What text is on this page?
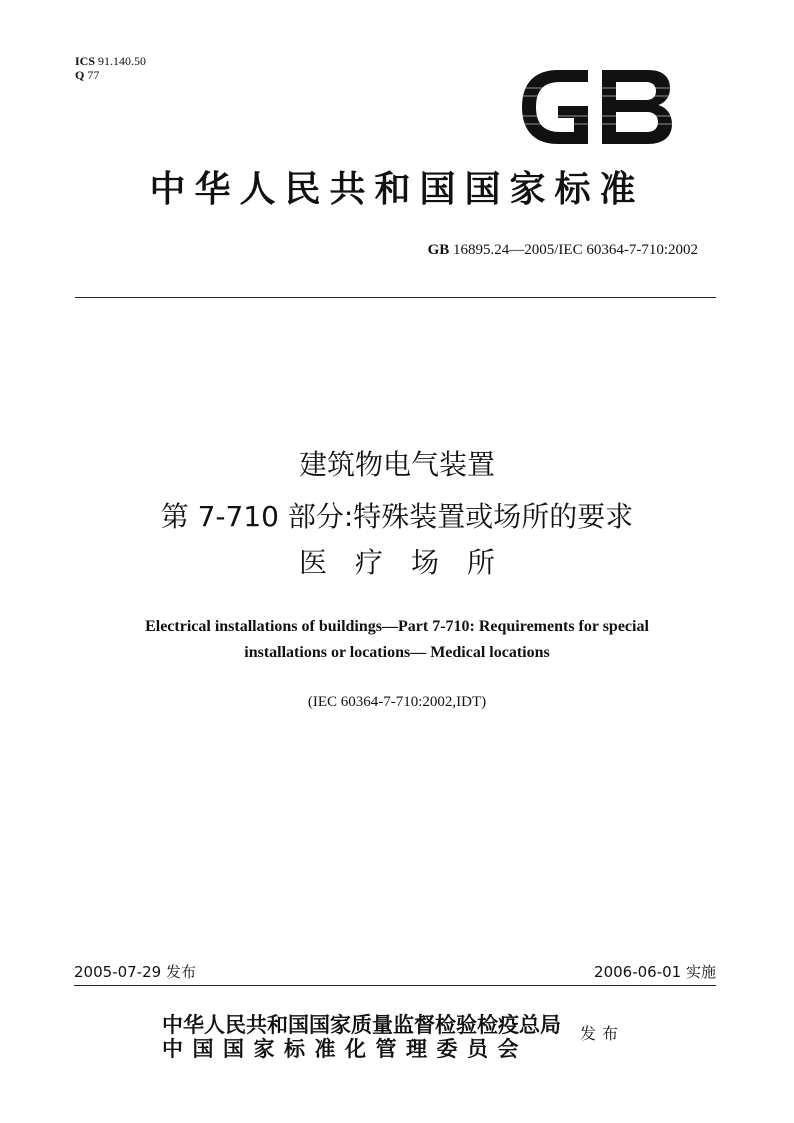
ICS 91.140.50
Q 77
中华人民共和国国家标准
GB 16895.24—2005/IEC 60364-7-710:2002
建筑物电气装置
第 7-710 部分:特殊装置或场所的要求
医疗场所
Electrical installations of buildings—Part 7-710: Requirements for special
installations or locations— Medical locations
(IEC 60364-7-710:2002,IDT)
2005-07-29 发布	2006-06-01 实施
中华人民共和国国家质量监督检验检疫总局
中国国家标准化管理委员会
发布
